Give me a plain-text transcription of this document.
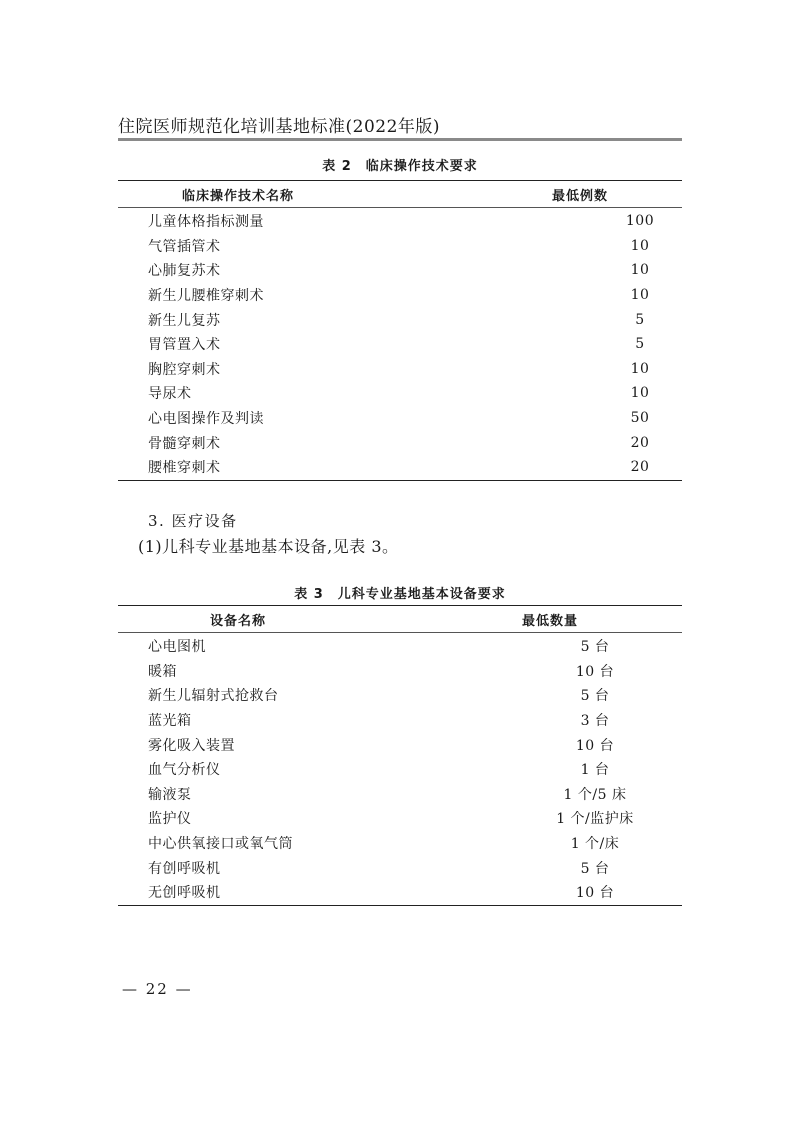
住院医师规范化培训基地标准(2022年版)
表 2 临床操作技术要求
临床操作技术名称	最低例数
儿童体格指标测量	100
气管插管术	10
心肺复苏术	10
新生儿腰椎穿刺术	10
新生儿复苏	5
胃管置入术	5
胸腔穿刺术	10
导尿术	10
心电图操作及判读	50
骨髓穿刺术	20
腰椎穿刺术	20
3. 医疗设备
(1)儿科专业基地基本设备,见表 3。
表 3 儿科专业基地基本设备要求
设备名称	最低数量
心电图机	5 台
暖箱	10 台
新生儿辐射式抢救台	5 台
蓝光箱	3 台
雾化吸入装置	10 台
血气分析仪	1 台
输液泵	1 个/5 床
监护仪	1 个/监护床
中心供氧接口或氧气筒	1 个/床
有创呼吸机	5 台
无创呼吸机	10 台
— 22 —
